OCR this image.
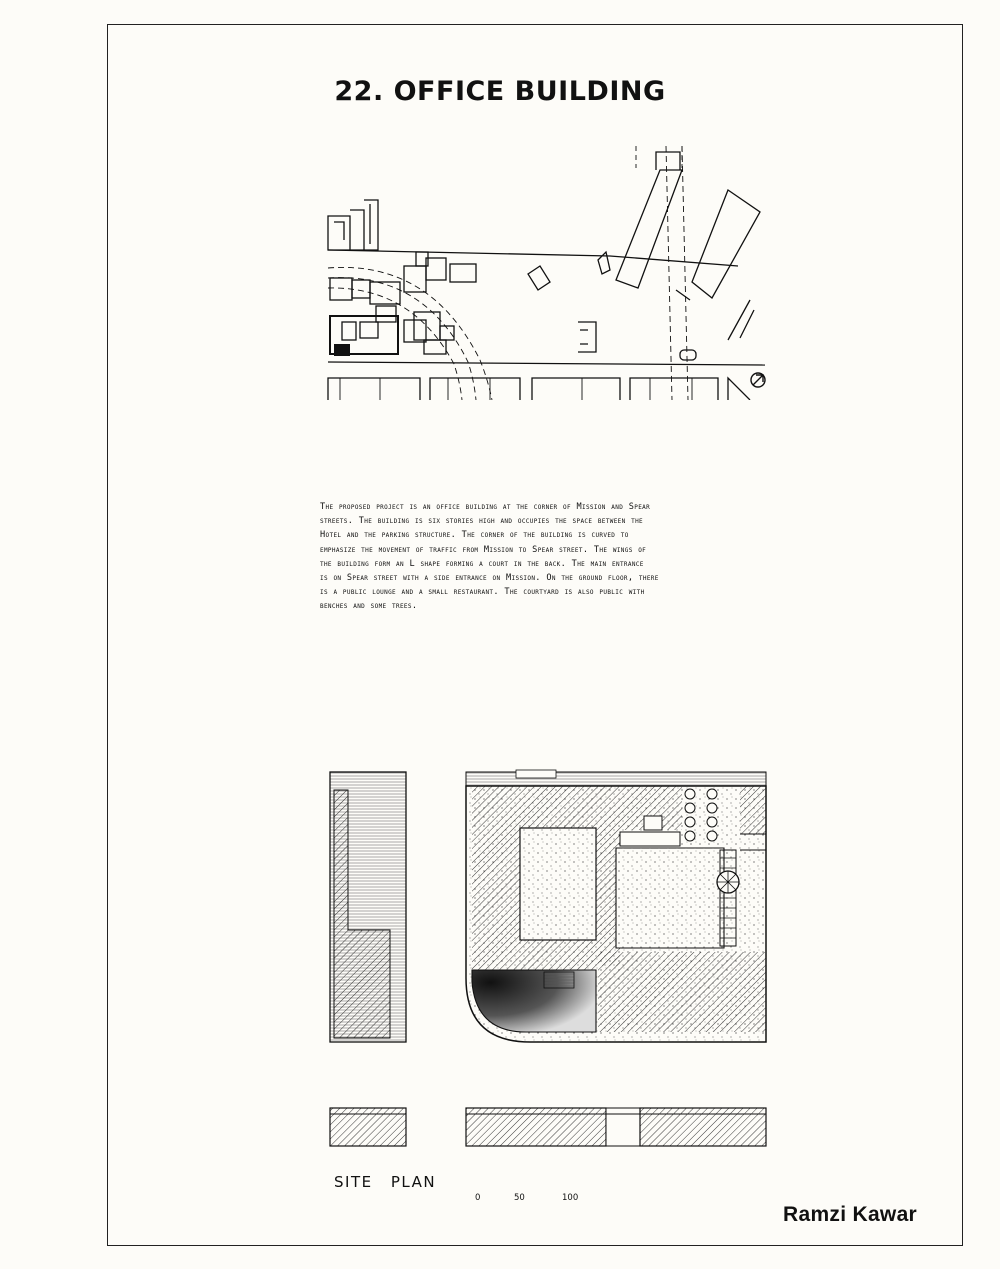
22. OFFICE BUILDING
The proposed project is an office building at the corner of Mission and Spear
streets. The building is six stories high and occupies the space between the
Hotel and the parking structure. The corner of the building is curved to
emphasize the movement of traffic from Mission to Spear street. The wings of
the building form an L shape forming a court in the back. The main entrance
is on Spear street with a side entrance on Mission. On the ground floor, there
is a public lounge and a small restaurant. The courtyard is also public with
benches and some trees.
SITE PLAN
0	50	100
Ramzi Kawar
